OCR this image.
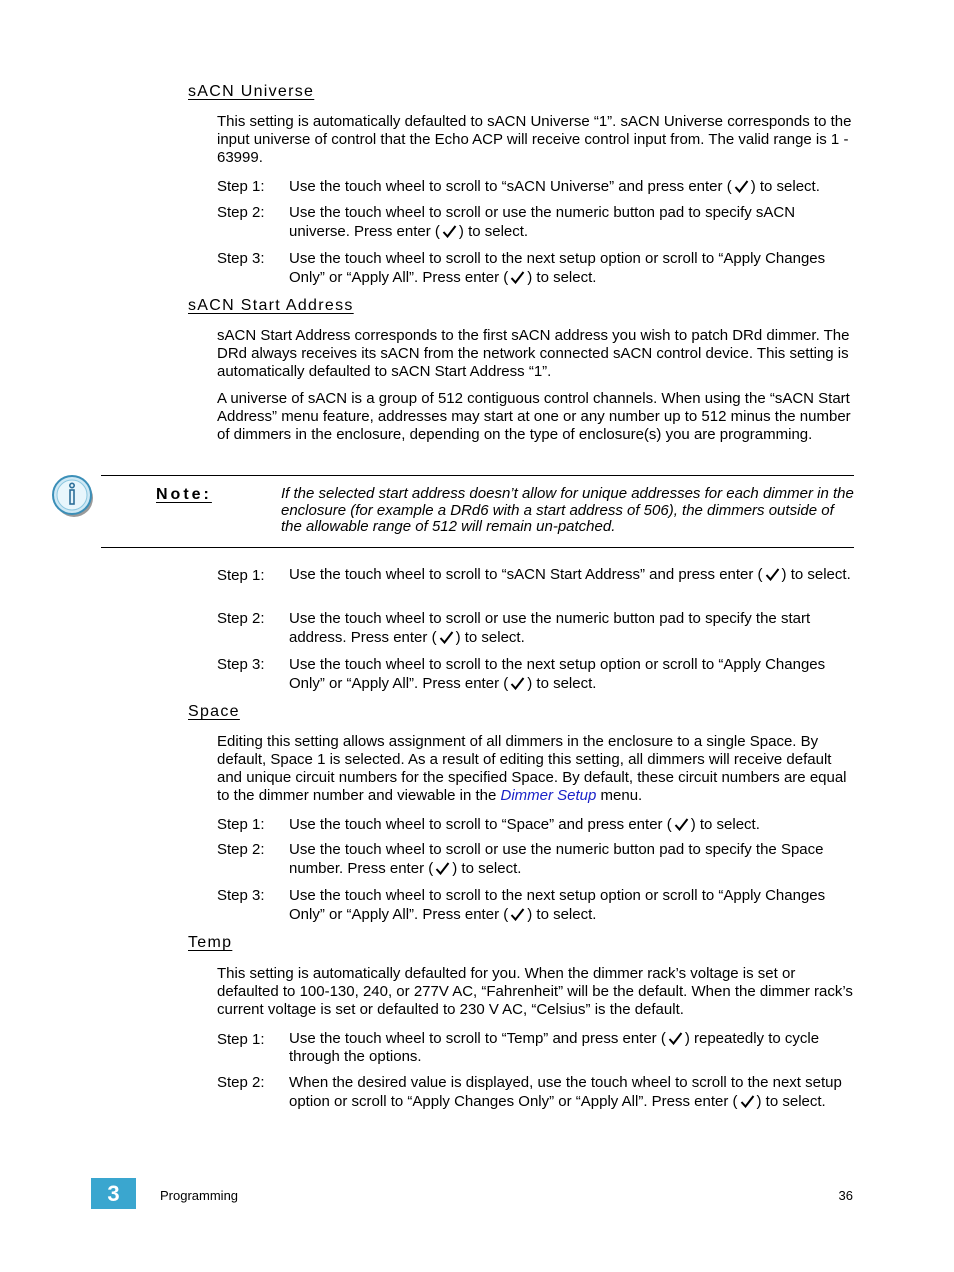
sACN Universe
This setting is automatically defaulted to sACN Universe “1”. sACN Universe corresponds to the input universe of control that the Echo ACP will receive control input from. The valid range is 1 - 63999.
Step 1: Use the touch wheel to scroll to “sACN Universe” and press enter ( ) to select.
Step 2: Use the touch wheel to scroll or use the numeric button pad to specify sACN universe. Press enter ( ) to select.
Step 3: Use the touch wheel to scroll to the next setup option or scroll to “Apply Changes Only” or “Apply All”. Press enter ( ) to select.
sACN Start Address
sACN Start Address corresponds to the first sACN address you wish to patch DRd dimmer. The DRd always receives its sACN from the network connected sACN control device. This setting is automatically defaulted to sACN Start Address “1”.
A universe of sACN is a group of 512 contiguous control channels. When using the “sACN Start Address” menu feature, addresses may start at one or any number up to 512 minus the number of dimmers in the enclosure, depending on the type of enclosure(s) you are programming.
Note:	If the selected start address doesn’t allow for unique addresses for each dimmer in the enclosure (for example a DRd6 with a start address of 506), the dimmers outside of the allowable range of 512 will remain un-patched.
Step 1: Use the touch wheel to scroll to “sACN Start Address” and press enter ( ) to select.
Step 2: Use the touch wheel to scroll or use the numeric button pad to specify the start address. Press enter ( ) to select.
Step 3: Use the touch wheel to scroll to the next setup option or scroll to “Apply Changes Only” or “Apply All”. Press enter ( ) to select.
Space
Editing this setting allows assignment of all dimmers in the enclosure to a single Space. By default, Space 1 is selected. As a result of editing this setting, all dimmers will receive default and unique circuit numbers for the specified Space. By default, these circuit numbers are equal to the dimmer number and viewable in the Dimmer Setup menu.
Step 1: Use the touch wheel to scroll to “Space” and press enter ( ) to select.
Step 2: Use the touch wheel to scroll or use the numeric button pad to specify the Space number. Press enter ( ) to select.
Step 3: Use the touch wheel to scroll to the next setup option or scroll to “Apply Changes Only” or “Apply All”. Press enter ( ) to select.
Temp
This setting is automatically defaulted for you. When the dimmer rack’s voltage is set or defaulted to 100-130, 240, or 277V AC, “Fahrenheit” will be the default. When the dimmer rack’s current voltage is set or defaulted to 230 V AC, “Celsius” is the default.
Step 1: Use the touch wheel to scroll to “Temp” and press enter ( ) repeatedly to cycle through the options.
Step 2: When the desired value is displayed, use the touch wheel to scroll to the next setup option or scroll to “Apply Changes Only” or “Apply All”. Press enter ( ) to select.
3	Programming	36
